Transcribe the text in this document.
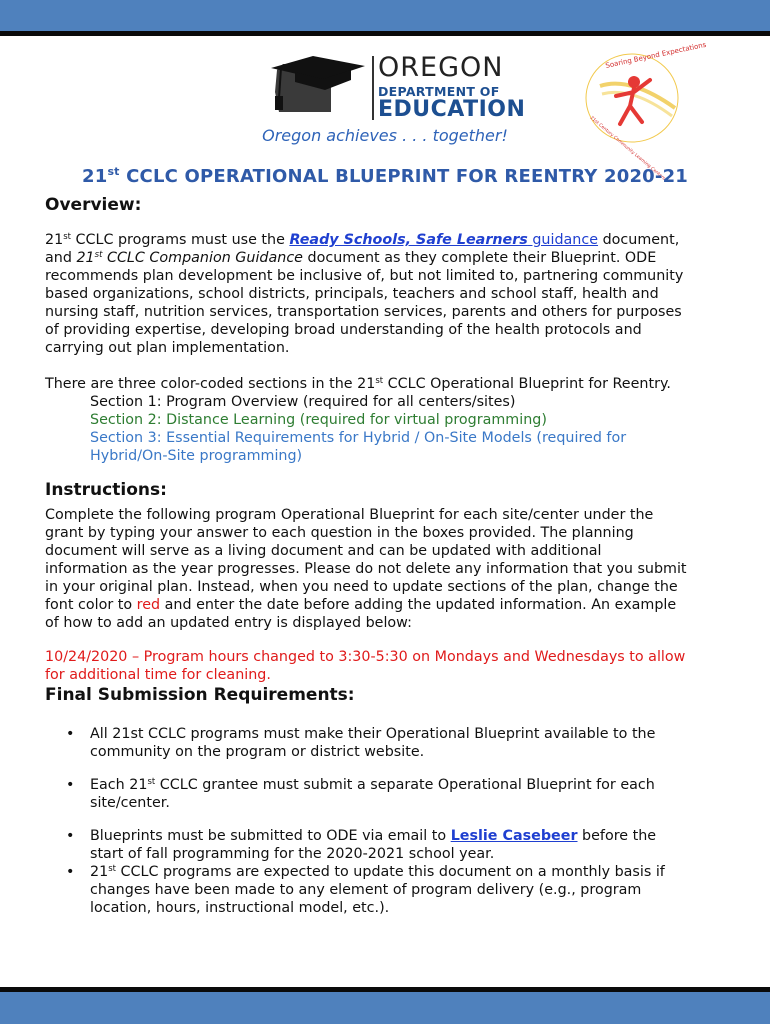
OREGON
DEPARTMENT OF
EDUCATION
Soaring Beyond Expectations
21st Century Community Learning Centers
Oregon achieves . . . together!
21st CCLC OPERATIONAL BLUEPRINT FOR REENTRY 2020-21
Overview:
21st CCLC programs must use the Ready Schools, Safe Learners guidance document,
and 21st CCLC Companion Guidance document as they complete their Blueprint. ODE
recommends plan development be inclusive of, but not limited to, partnering community
based organizations, school districts, principals, teachers and school staff, health and
nursing staff, nutrition services, transportation services, parents and others for purposes
of providing expertise, developing broad understanding of the health protocols and
carrying out plan implementation.
There are three color-coded sections in the 21st CCLC Operational Blueprint for Reentry.
Section 1: Program Overview (required for all centers/sites)
Section 2: Distance Learning (required for virtual programming)
Section 3: Essential Requirements for Hybrid / On-Site Models (required for
Hybrid/On-Site programming)
Instructions:
Complete the following program Operational Blueprint for each site/center under the
grant by typing your answer to each question in the boxes provided. The planning
document will serve as a living document and can be updated with additional
information as the year progresses. Please do not delete any information that you submit
in your original plan. Instead, when you need to update sections of the plan, change the
font color to red and enter the date before adding the updated information. An example
of how to add an updated entry is displayed below:
10/24/2020 – Program hours changed to 3:30-5:30 on Mondays and Wednesdays to allow
for additional time for cleaning.
Final Submission Requirements:
• All 21st CCLC programs must make their Operational Blueprint available to the
community on the program or district website.
• Each 21st CCLC grantee must submit a separate Operational Blueprint for each
site/center.
• Blueprints must be submitted to ODE via email to Leslie Casebeer before the
start of fall programming for the 2020-2021 school year.
• 21st CCLC programs are expected to update this document on a monthly basis if
changes have been made to any element of program delivery (e.g., program
location, hours, instructional model, etc.).
